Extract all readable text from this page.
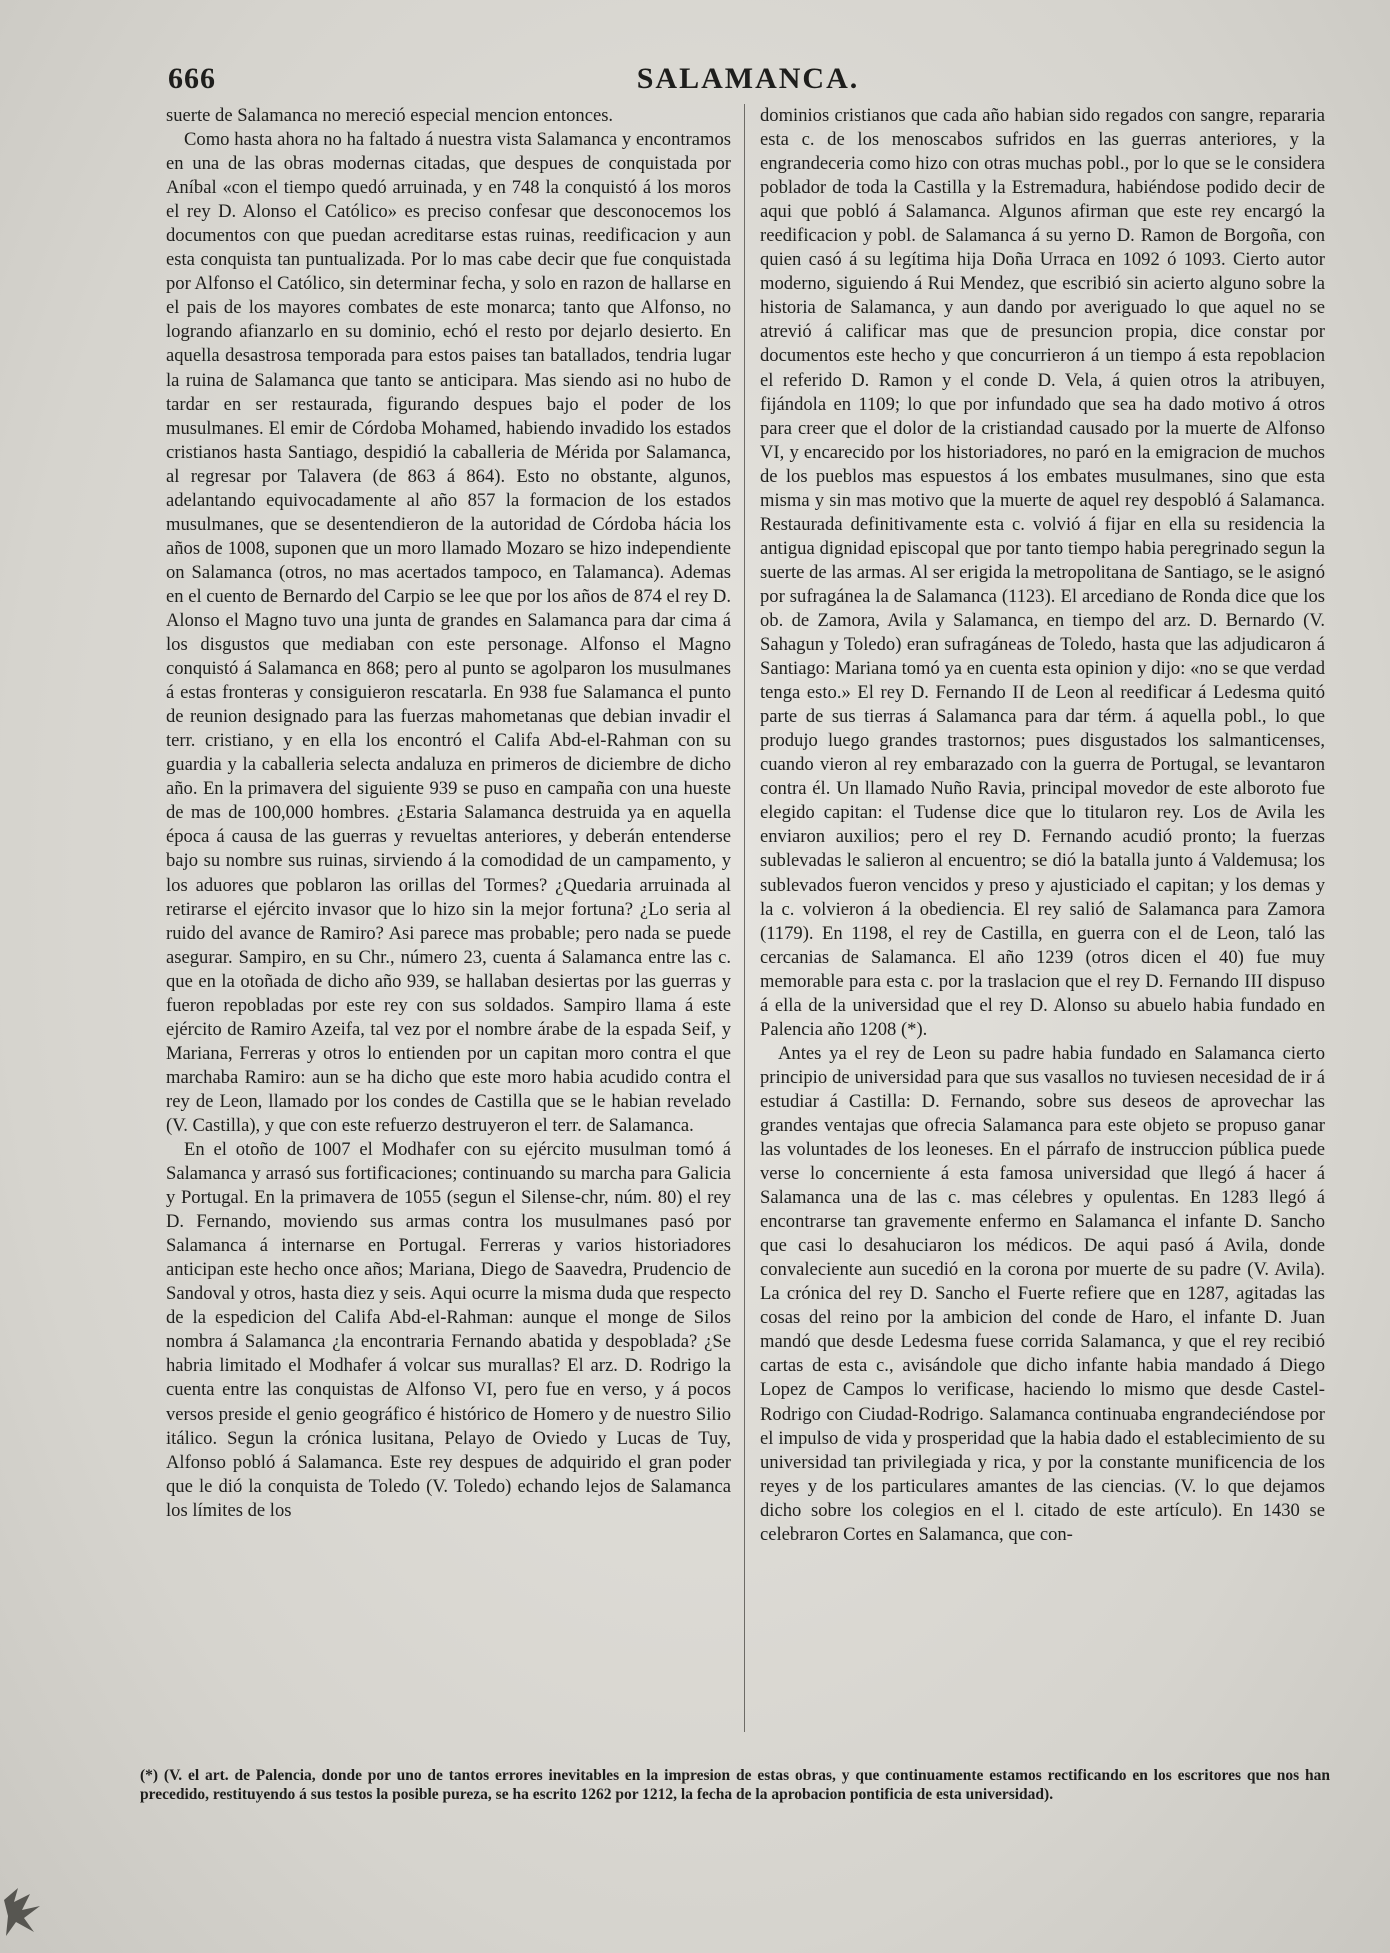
666	SALAMANCA.

suerte de Salamanca no mereció especial mencion entonces.

Como hasta ahora no ha faltado á nuestra vista Salamanca y encontramos en una de las obras modernas citadas, que despues de conquistada por Aníbal «con el tiempo quedó arruinada, y en 748 la conquistó á los moros el rey D. Alonso el Católico» es preciso confesar que desconocemos los documentos con que puedan acreditarse estas ruinas, reedificacion y aun esta conquista tan puntualizada. Por lo mas cabe decir que fue conquistada por Alfonso el Católico, sin determinar fecha, y solo en razon de hallarse en el pais de los mayores combates de este monarca; tanto que Alfonso, no logrando afianzarlo en su dominio, echó el resto por dejarlo desierto. En aquella desastrosa temporada para estos paises tan batallados, tendria lugar la ruina de Salamanca que tanto se anticipara. Mas siendo asi no hubo de tardar en ser restaurada, figurando despues bajo el poder de los musulmanes. El emir de Córdoba Mohamed, habiendo invadido los estados cristianos hasta Santiago, despidió la caballeria de Mérida por Salamanca, al regresar por Talavera (de 863 á 864). Esto no obstante, algunos, adelantando equivocadamente al año 857 la formacion de los estados musulmanes, que se desentendieron de la autoridad de Córdoba hácia los años de 1008, suponen que un moro llamado Mozaro se hizo independiente on Salamanca (otros, no mas acertados tampoco, en Talamanca). Ademas en el cuento de Bernardo del Carpio se lee que por los años de 874 el rey D. Alonso el Magno tuvo una junta de grandes en Salamanca para dar cima á los disgustos que mediaban con este personage. Alfonso el Magno conquistó á Salamanca en 868; pero al punto se agolparon los musulmanes á estas fronteras y consiguieron rescatarla. En 938 fue Salamanca el punto de reunion designado para las fuerzas mahometanas que debian invadir el terr. cristiano, y en ella los encontró el Califa Abd-el-Rahman con su guardia y la caballeria selecta andaluza en primeros de diciembre de dicho año. En la primavera del siguiente 939 se puso en campaña con una hueste de mas de 100,000 hombres. ¿Estaria Salamanca destruida ya en aquella época á causa de las guerras y revueltas anteriores, y deberán entenderse bajo su nombre sus ruinas, sirviendo á la comodidad de un campamento, y los aduores que poblaron las orillas del Tormes? ¿Quedaria arruinada al retirarse el ejército invasor que lo hizo sin la mejor fortuna? ¿Lo seria al ruido del avance de Ramiro? Asi parece mas probable; pero nada se puede asegurar. Sampiro, en su Chr., número 23, cuenta á Salamanca entre las c. que en la otoñada de dicho año 939, se hallaban desiertas por las guerras y fueron repobladas por este rey con sus soldados. Sampiro llama á este ejército de Ramiro Azeifa, tal vez por el nombre árabe de la espada Seif, y Mariana, Ferreras y otros lo entienden por un capitan moro contra el que marchaba Ramiro: aun se ha dicho que este moro habia acudido contra el rey de Leon, llamado por los condes de Castilla que se le habian revelado (V. Castilla), y que con este refuerzo destruyeron el terr. de Salamanca.

En el otoño de 1007 el Modhafer con su ejército musulman tomó á Salamanca y arrasó sus fortificaciones; continuando su marcha para Galicia y Portugal. En la primavera de 1055 (segun el Silense-chr, núm. 80) el rey D. Fernando, moviendo sus armas contra los musulmanes pasó por Salamanca á internarse en Portugal. Ferreras y varios historiadores anticipan este hecho once años; Mariana, Diego de Saavedra, Prudencio de Sandoval y otros, hasta diez y seis. Aqui ocurre la misma duda que respecto de la espedicion del Califa Abd-el-Rahman: aunque el monge de Silos nombra á Salamanca ¿la encontraria Fernando abatida y despoblada? ¿Se habria limitado el Modhafer á volcar sus murallas? El arz. D. Rodrigo la cuenta entre las conquistas de Alfonso VI, pero fue en verso, y á pocos versos preside el genio geográfico é histórico de Homero y de nuestro Silio itálico. Segun la crónica lusitana, Pelayo de Oviedo y Lucas de Tuy, Alfonso pobló á Salamanca. Este rey despues de adquirido el gran poder que le dió la conquista de Toledo (V. Toledo) echando lejos de Salamanca los límites de los

dominios cristianos que cada año habian sido regados con sangre, repararia esta c. de los menoscabos sufridos en las guerras anteriores, y la engrandeceria como hizo con otras muchas pobl., por lo que se le considera poblador de toda la Castilla y la Estremadura, habiéndose podido decir de aqui que pobló á Salamanca. Algunos afirman que este rey encargó la reedificacion y pobl. de Salamanca á su yerno D. Ramon de Borgoña, con quien casó á su legítima hija Doña Urraca en 1092 ó 1093. Cierto autor moderno, siguiendo á Rui Mendez, que escribió sin acierto alguno sobre la historia de Salamanca, y aun dando por averiguado lo que aquel no se atrevió á calificar mas que de presuncion propia, dice constar por documentos este hecho y que concurrieron á un tiempo á esta repoblacion el referido D. Ramon y el conde D. Vela, á quien otros la atribuyen, fijándola en 1109; lo que por infundado que sea ha dado motivo á otros para creer que el dolor de la cristiandad causado por la muerte de Alfonso VI, y encarecido por los historiadores, no paró en la emigracion de muchos de los pueblos mas espuestos á los embates musulmanes, sino que esta misma y sin mas motivo que la muerte de aquel rey despobló á Salamanca. Restaurada definitivamente esta c. volvió á fijar en ella su residencia la antigua dignidad episcopal que por tanto tiempo habia peregrinado segun la suerte de las armas. Al ser erigida la metropolitana de Santiago, se le asignó por sufragánea la de Salamanca (1123). El arcediano de Ronda dice que los ob. de Zamora, Avila y Salamanca, en tiempo del arz. D. Bernardo (V. Sahagun y Toledo) eran sufragáneas de Toledo, hasta que las adjudicaron á Santiago: Mariana tomó ya en cuenta esta opinion y dijo: «no se que verdad tenga esto.» El rey D. Fernando II de Leon al reedificar á Ledesma quitó parte de sus tierras á Salamanca para dar térm. á aquella pobl., lo que produjo luego grandes trastornos; pues disgustados los salmanticenses, cuando vieron al rey embarazado con la guerra de Portugal, se levantaron contra él. Un llamado Nuño Ravia, principal movedor de este alboroto fue elegido capitan: el Tudense dice que lo titularon rey. Los de Avila les enviaron auxilios; pero el rey D. Fernando acudió pronto; la fuerzas sublevadas le salieron al encuentro; se dió la batalla junto á Valdemusa; los sublevados fueron vencidos y preso y ajusticiado el capitan; y los demas y la c. volvieron á la obediencia. El rey salió de Salamanca para Zamora (1179). En 1198, el rey de Castilla, en guerra con el de Leon, taló las cercanias de Salamanca. El año 1239 (otros dicen el 40) fue muy memorable para esta c. por la traslacion que el rey D. Fernando III dispuso á ella de la universidad que el rey D. Alonso su abuelo habia fundado en Palencia año 1208 (*).

Antes ya el rey de Leon su padre habia fundado en Salamanca cierto principio de universidad para que sus vasallos no tuviesen necesidad de ir á estudiar á Castilla: D. Fernando, sobre sus deseos de aprovechar las grandes ventajas que ofrecia Salamanca para este objeto se propuso ganar las voluntades de los leoneses. En el párrafo de instruccion pública puede verse lo concerniente á esta famosa universidad que llegó á hacer á Salamanca una de las c. mas célebres y opulentas. En 1283 llegó á encontrarse tan gravemente enfermo en Salamanca el infante D. Sancho que casi lo desahuciaron los médicos. De aqui pasó á Avila, donde convaleciente aun sucedió en la corona por muerte de su padre (V. Avila). La crónica del rey D. Sancho el Fuerte refiere que en 1287, agitadas las cosas del reino por la ambicion del conde de Haro, el infante D. Juan mandó que desde Ledesma fuese corrida Salamanca, y que el rey recibió cartas de esta c., avisándole que dicho infante habia mandado á Diego Lopez de Campos lo verificase, haciendo lo mismo que desde Castel-Rodrigo con Ciudad-Rodrigo. Salamanca continuaba engrandeciéndose por el impulso de vida y prosperidad que la habia dado el establecimiento de su universidad tan privilegiada y rica, y por la constante munificencia de los reyes y de los particulares amantes de las ciencias. (V. lo que dejamos dicho sobre los colegios en el l. citado de este artículo). En 1430 se celebraron Cortes en Salamanca, que con-

(*) (V. el art. de Palencia, donde por uno de tantos errores inevitables en la impresion de estas obras, y que continuamente estamos rectificando en los escritores que nos han precedido, restituyendo á sus testos la posible pureza, se ha escrito 1262 por 1212, la fecha de la aprobacion pontificia de esta universidad).
